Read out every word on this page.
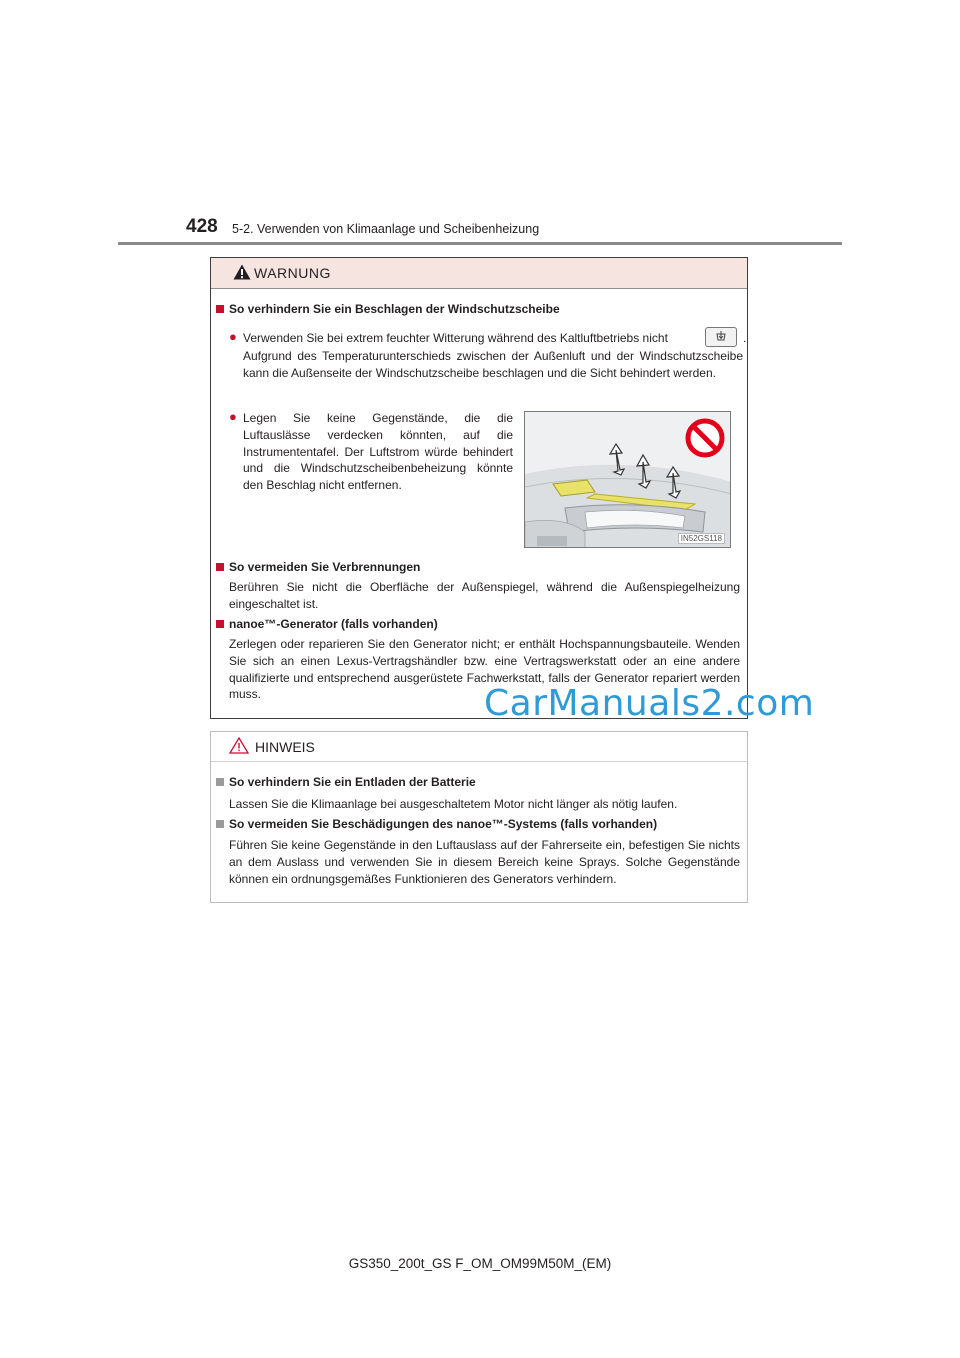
428 5-2. Verwenden von Klimaanlage und Scheibenheizung
WARNUNG
So verhindern Sie ein Beschlagen der Windschutzscheibe
● Verwenden Sie bei extrem feuchter Witterung während des Kaltluftbetriebs nicht	.
Aufgrund des Temperaturunterschieds zwischen der Außenluft und der Windschutzscheibe kann die Außenseite der Windschutzscheibe beschlagen und die Sicht behindert werden.
● Legen Sie keine Gegenstände, die die Luftauslässe verdecken könnten, auf die Instrumententafel. Der Luftstrom würde behindert und die Windschutzscheibenbeheizung könnte den Beschlag nicht entfernen.
IN52GS118
So vermeiden Sie Verbrennungen
Berühren Sie nicht die Oberfläche der Außenspiegel, während die Außenspiegelheizung eingeschaltet ist.
nanoe™-Generator (falls vorhanden)
Zerlegen oder reparieren Sie den Generator nicht; er enthält Hochspannungsbauteile. Wenden Sie sich an einen Lexus-Vertragshändler bzw. eine Vertragswerkstatt oder an eine andere qualifizierte und entsprechend ausgerüstete Fachwerkstatt, falls der Generator repariert werden muss.
HINWEIS
So verhindern Sie ein Entladen der Batterie
Lassen Sie die Klimaanlage bei ausgeschaltetem Motor nicht länger als nötig laufen.
So vermeiden Sie Beschädigungen des nanoe™-Systems (falls vorhanden)
Führen Sie keine Gegenstände in den Luftauslass auf der Fahrerseite ein, befestigen Sie nichts an dem Auslass und verwenden Sie in diesem Bereich keine Sprays. Solche Gegenstände können ein ordnungsgemäßes Funktionieren des Generators verhindern.
CarManuals2.com
GS350_200t_GS F_OM_OM99M50M_(EM)
